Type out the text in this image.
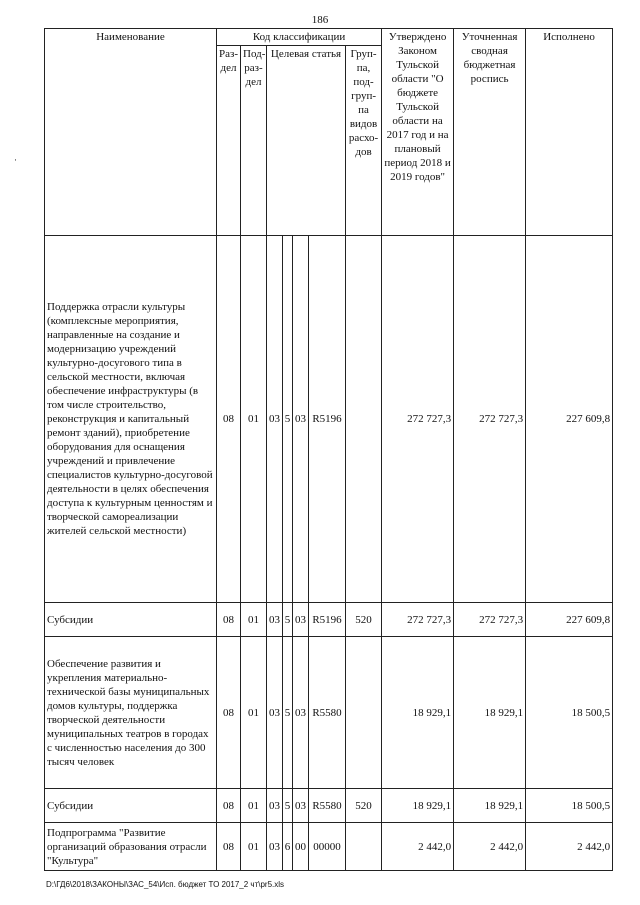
186
·
Наименование	Код классификации							Утверждено Законом Тульской области "О бюджете Тульской области на 2017 год и на плановый период 2018 и 2019 годов"	Уточненная сводная бюджетная роспись	Исполнено
	Раз-дел	Под-раз-дел	Целевая статья				Груп-па, под-груп-па видов расхо-дов			
Поддержка отрасли культуры (комплексные мероприятия, направленные на создание и модернизацию учреждений культурно-досугового типа в сельской местности, включая обеспечение инфраструктуры (в том числе строительство, реконструкция и капитальный ремонт зданий), приобретение оборудования для оснащения учреждений и привлечение специалистов культурно-досуговой деятельности в целях обеспечения доступа к культурным ценностям и творческой самореализации жителей сельской местности)	08	01	03	5	03	R5196		272 727,3	272 727,3	227 609,8
Субсидии	08	01	03	5	03	R5196	520	272 727,3	272 727,3	227 609,8
Обеспечение развития и укрепления материально-технической базы муниципальных домов культуры, поддержка творческой деятельности муниципальных театров в городах с численностью населения до 300 тысяч человек	08	01	03	5	03	R5580		18 929,1	18 929,1	18 500,5
Субсидии	08	01	03	5	03	R5580	520	18 929,1	18 929,1	18 500,5
Подпрограмма "Развитие организаций образования отрасли "Культура"	08	01	03	6	00	00000		2 442,0	2 442,0	2 442,0
D:\ГД6\2018\ЗАКОНЫ\ЗАС_54\Исп. бюджет ТО 2017_2 чт\pr5.xls
